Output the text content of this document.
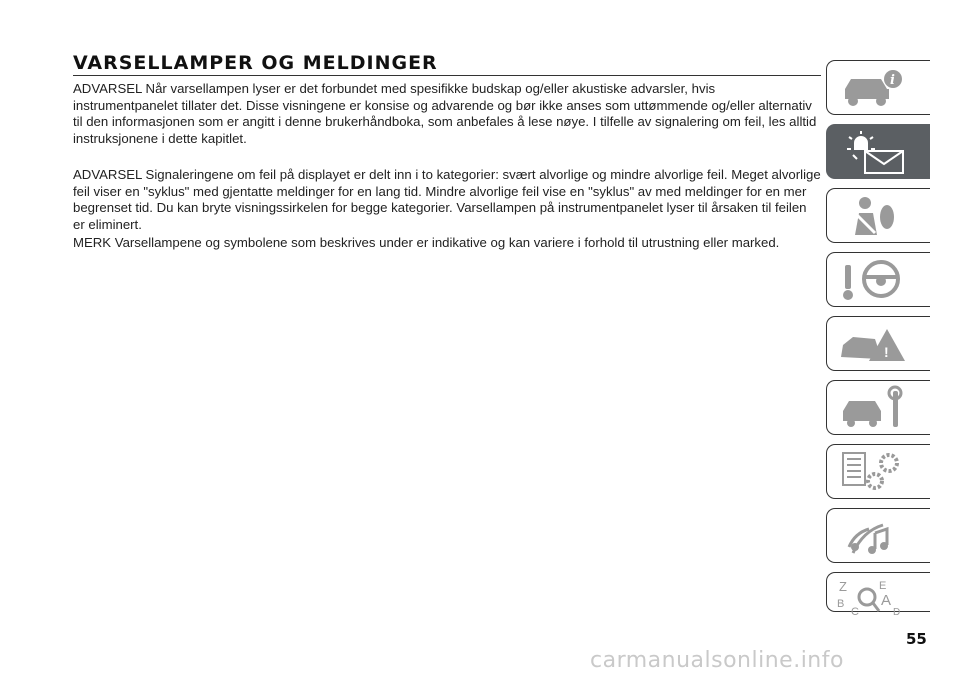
VARSELLAMPER OG MELDINGER
ADVARSEL Når varsellampen lyser er det forbundet med spesifikke budskap og/eller akustiske advarsler, hvis instrumentpanelet tillater det. Disse visningene er konsise og advarende og bør ikke anses som uttømmende og/eller alternativ til den informasjonen som er angitt i denne brukerhåndboka, som anbefales å lese nøye. I tilfelle av signalering om feil, les alltid instruksjonene i dette kapitlet.
ADVARSEL Signaleringene om feil på displayet er delt inn i to kategorier: svært alvorlige og mindre alvorlige feil. Meget alvorlige feil viser en "syklus" med gjentatte meldinger for en lang tid. Mindre alvorlige feil vise en "syklus" av med meldinger for en mer begrenset tid. Du kan bryte visningssirkelen for begge kategorier. Varsellampen på instrumentpanelet lyser til årsaken til feilen er eliminert.
MERK Varsellampene og symbolene som beskrives under er indikative og kan variere i forhold til utrustning eller marked.
i
!
Z	E
B A
D
C
55
carmanualsonline.info
